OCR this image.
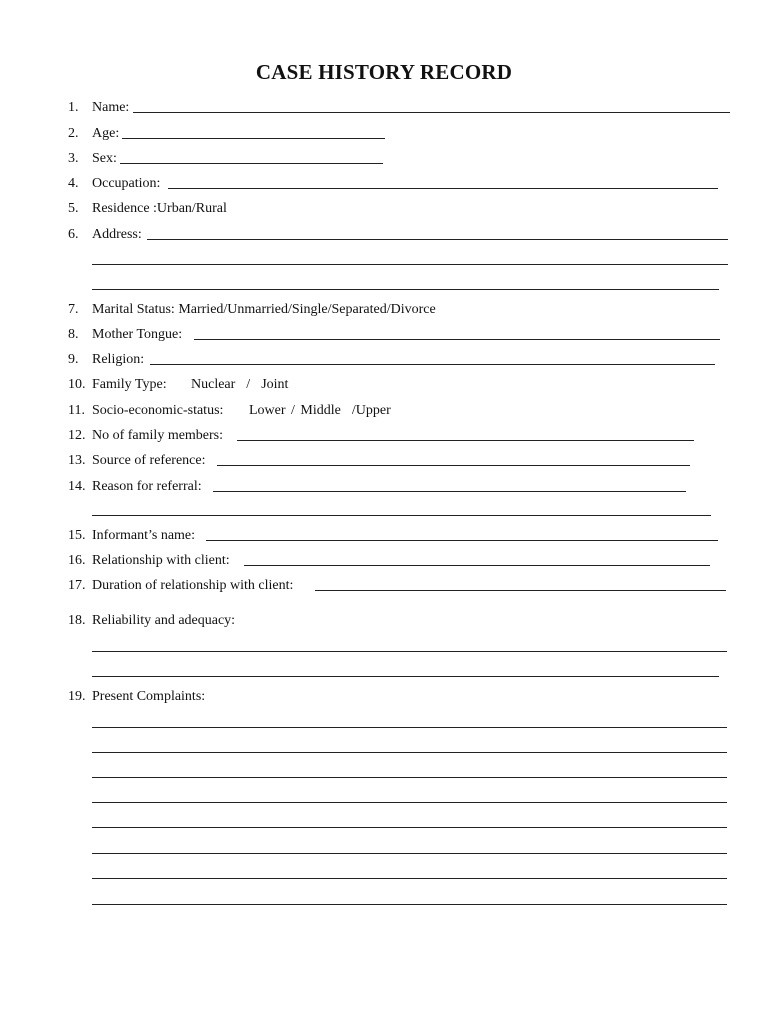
CASE HISTORY RECORD
1. Name:
2. Age:
3. Sex:
4. Occupation:
5. Residence :Urban/Rural
6. Address:
7. Marital Status: Married/Unmarried/Single/Separated/Divorce
8. Mother Tongue:
9. Religion:
10. Family Type: Nuclear  /  Joint
11. Socio-economic-status: Lower / Middle  /Upper
12. No of family members:
13. Source of reference:
14. Reason for referral:
15. Informant’s name:
16. Relationship with client:
17. Duration of relationship with client:
18. Reliability and adequacy:
19. Present Complaints:
